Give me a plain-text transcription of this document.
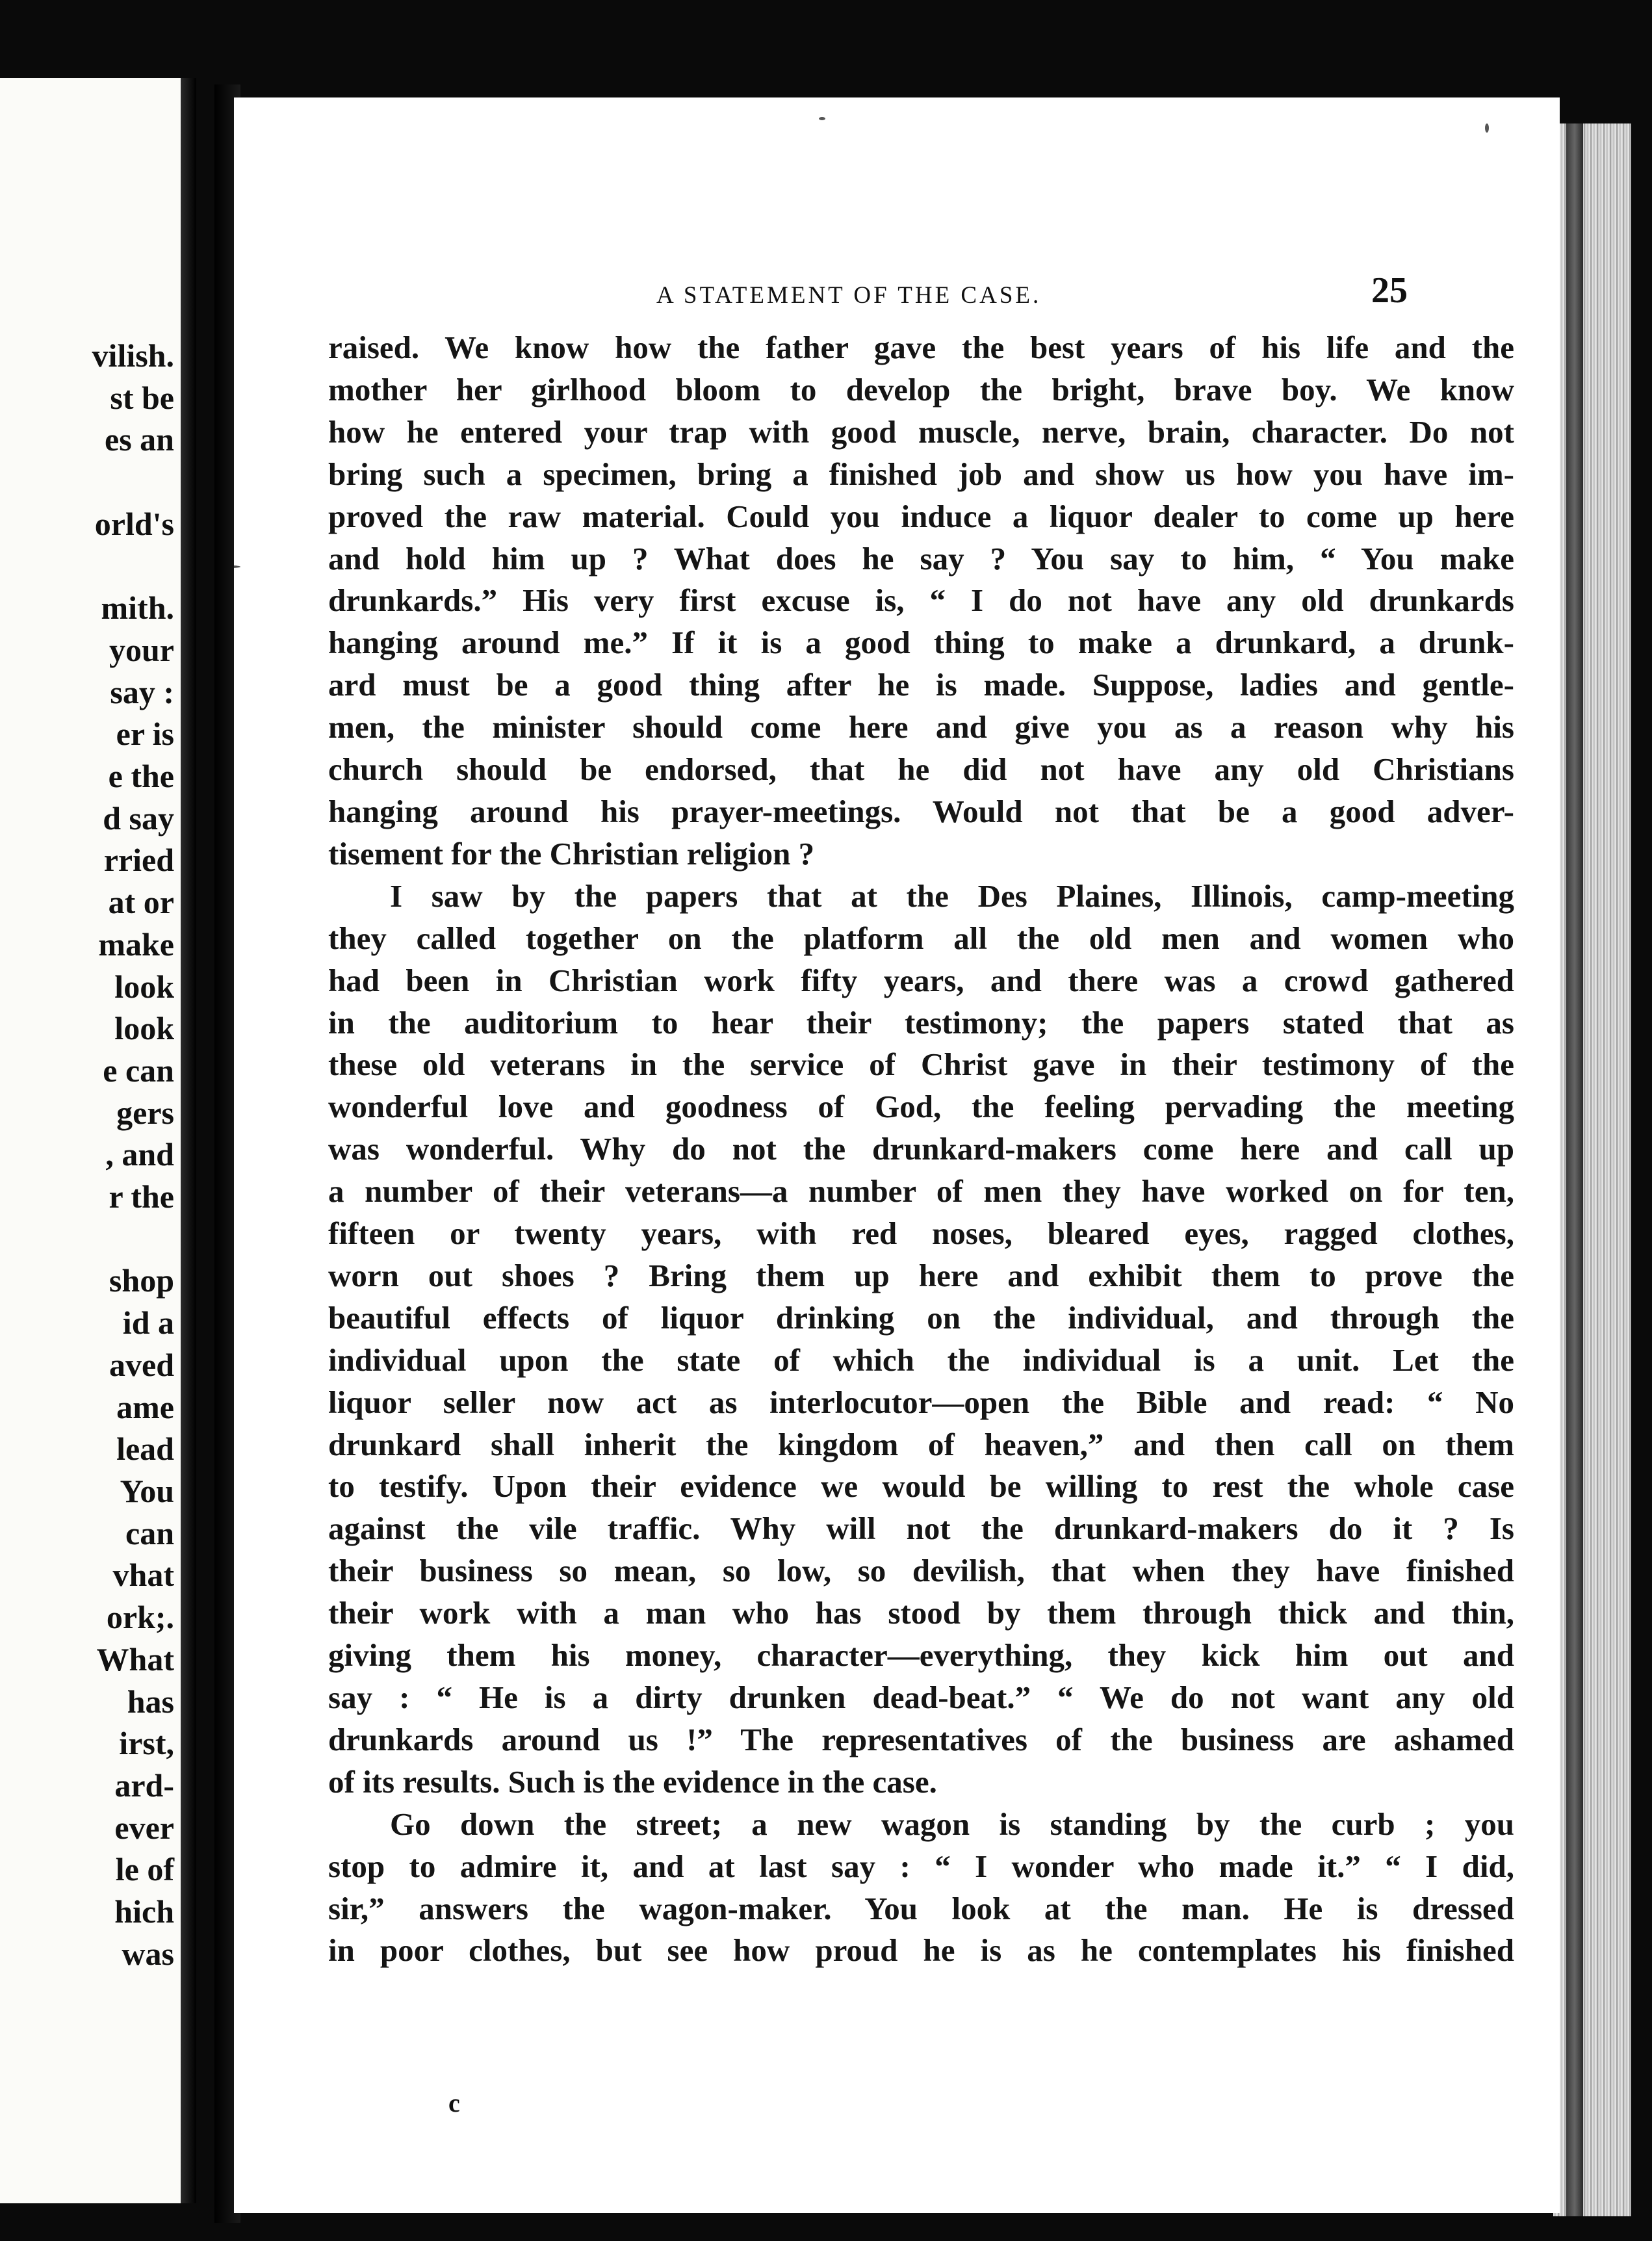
vilish.
st be
es an

orld's

mith.
your
say :
er is
e the
d say
rried
at or
make
look
look
e can
gers
, and
r the

shop
id a
aved
ame
lead
You
can
vhat
ork;.
What
has
irst,
ard-
ever
le of
hich
was
A STATEMENT OF THE CASE.	25
raised. We know how the father gave the best years of his life and the
mother her girlhood bloom to develop the bright, brave boy. We know
how he entered your trap with good muscle, nerve, brain, character. Do not
bring such a specimen, bring a finished job and show us how you have im-
proved the raw material. Could you induce a liquor dealer to come up here
and hold him up ? What does he say ? You say to him, “ You make
drunkards.” His very first excuse is, “ I do not have any old drunkards
hanging around me.” If it is a good thing to make a drunkard, a drunk-
ard must be a good thing after he is made. Suppose, ladies and gentle-
men, the minister should come here and give you as a reason why his
church should be endorsed, that he did not have any old Christians
hanging around his prayer-meetings. Would not that be a good adver-
tisement for the Christian religion ?
I saw by the papers that at the Des Plaines, Illinois, camp-meeting
they called together on the platform all the old men and women who
had been in Christian work fifty years, and there was a crowd gathered
in the auditorium to hear their testimony; the papers stated that as
these old veterans in the service of Christ gave in their testimony of the
wonderful love and goodness of God, the feeling pervading the meeting
was wonderful. Why do not the drunkard-makers come here and call up
a number of their veterans—a number of men they have worked on for ten,
fifteen or twenty years, with red noses, bleared eyes, ragged clothes,
worn out shoes ? Bring them up here and exhibit them to prove the
beautiful effects of liquor drinking on the individual, and through the
individual upon the state of which the individual is a unit. Let the
liquor seller now act as interlocutor—open the Bible and read: “ No
drunkard shall inherit the kingdom of heaven,” and then call on them
to testify. Upon their evidence we would be willing to rest the whole case
against the vile traffic. Why will not the drunkard-makers do it ? Is
their business so mean, so low, so devilish, that when they have finished
their work with a man who has stood by them through thick and thin,
giving them his money, character—everything, they kick him out and
say : “ He is a dirty drunken dead-beat.” “ We do not want any old
drunkards around us !” The representatives of the business are ashamed
of its results. Such is the evidence in the case.
Go down the street; a new wagon is standing by the curb ; you
stop to admire it, and at last say : “ I wonder who made it.” “ I did,
sir,” answers the wagon-maker. You look at the man. He is dressed
in poor clothes, but see how proud he is as he contemplates his finished
c
